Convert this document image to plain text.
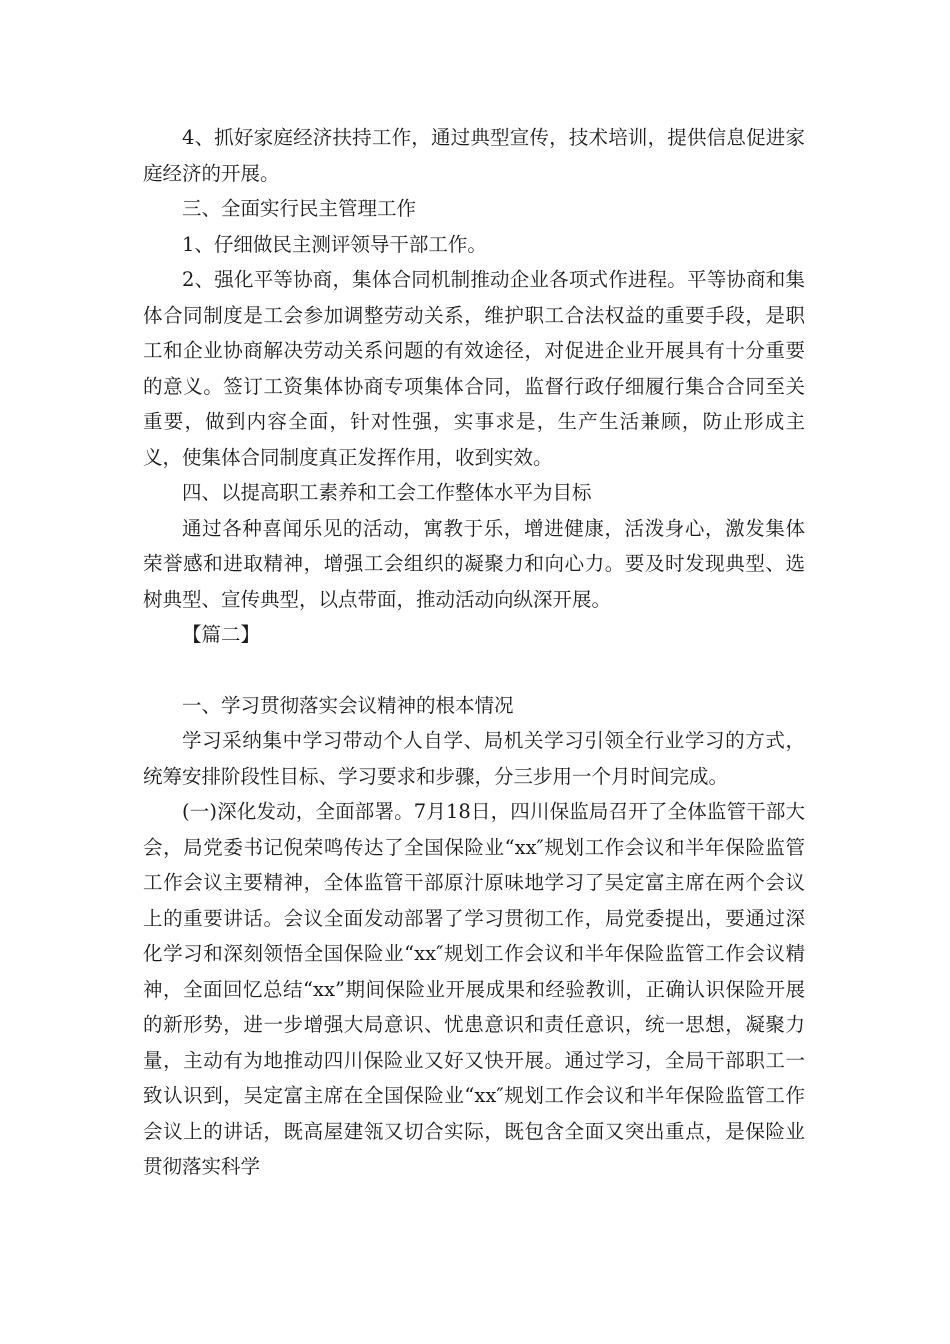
4、抓好家庭经济扶持工作，通过典型宣传，技术培训，提供信息促进家庭经济的开展。

三、全面实行民主管理工作

1、仔细做民主测评领导干部工作。

2、强化平等协商，集体合同机制推动企业各项式作进程。平等协商和集体合同制度是工会参加调整劳动关系，维护职工合法权益的重要手段，是职工和企业协商解决劳动关系问题的有效途径，对促进企业开展具有十分重要的意义。签订工资集体协商专项集体合同，监督行政仔细履行集合合同至关重要，做到内容全面，针对性强，实事求是，生产生活兼顾，防止形成主义，使集体合同制度真正发挥作用，收到实效。

四、以提高职工素养和工会工作整体水平为目标

通过各种喜闻乐见的活动，寓教于乐，增进健康，活泼身心，激发集体荣誉感和进取精神，增强工会组织的凝聚力和向心力。要及时发现典型、选树典型、宣传典型，以点带面，推动活动向纵深开展。

【篇二】

一、学习贯彻落实会议精神的根本情况

学习采纳集中学习带动个人自学、局机关学习引领全行业学习的方式，统筹安排阶段性目标、学习要求和步骤，分三步用一个月时间完成。

(一)深化发动，全面部署。7月18日，四川保监局召开了全体监管干部大会，局党委书记倪荣鸣传达了全国保险业“xx″规划工作会议和半年保险监管工作会议主要精神，全体监管干部原汁原味地学习了吴定富主席在两个会议上的重要讲话。会议全面发动部署了学习贯彻工作，局党委提出，要通过深化学习和深刻领悟全国保险业“xx″规划工作会议和半年保险监管工作会议精神，全面回忆总结“xx”期间保险业开展成果和经验教训，正确认识保险开展的新形势，进一步增强大局意识、忧患意识和责任意识，统一思想，凝聚力量，主动有为地推动四川保险业又好又快开展。通过学习，全局干部职工一致认识到，吴定富主席在全国保险业“xx″规划工作会议和半年保险监管工作会议上的讲话，既高屋建瓴又切合实际，既包含全面又突出重点，是保险业贯彻落实科学
